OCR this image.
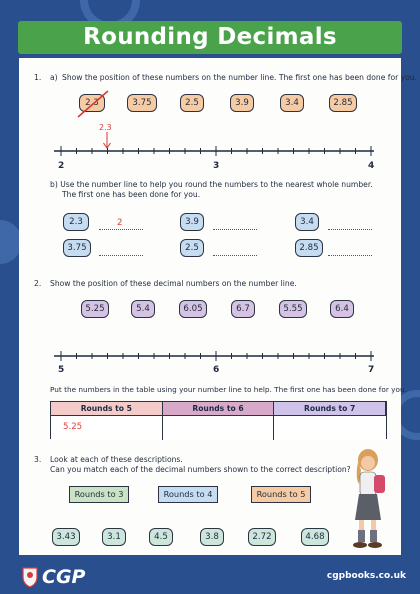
Rounding Decimals
1. a) Show the position of these numbers on the number line. The first one has been done for you.
2.3	3.75	2.5	3.9	3.4	2.85
2.3
2	3	4
b) Use the number line to help you round the numbers to the nearest whole number.
The first one has been done for you.
2.3	2	3.9	3.4
3.75	2.5	2.85
2. Show the position of these decimal numbers on the number line.
5.25	5.4	6.05	6.7	5.55	6.4
5	6	7
Put the numbers in the table using your number line to help. The first one has been done for you.
Rounds to 5	Rounds to 6	Rounds to 7
5.25
3. Look at each of these descriptions.
Can you match each of the decimal numbers shown to the correct description?
Rounds to 3	Rounds to 4	Rounds to 5
3.43	3.1	4.5	3.8	2.72	4.68
CGP	cgpbooks.co.uk
